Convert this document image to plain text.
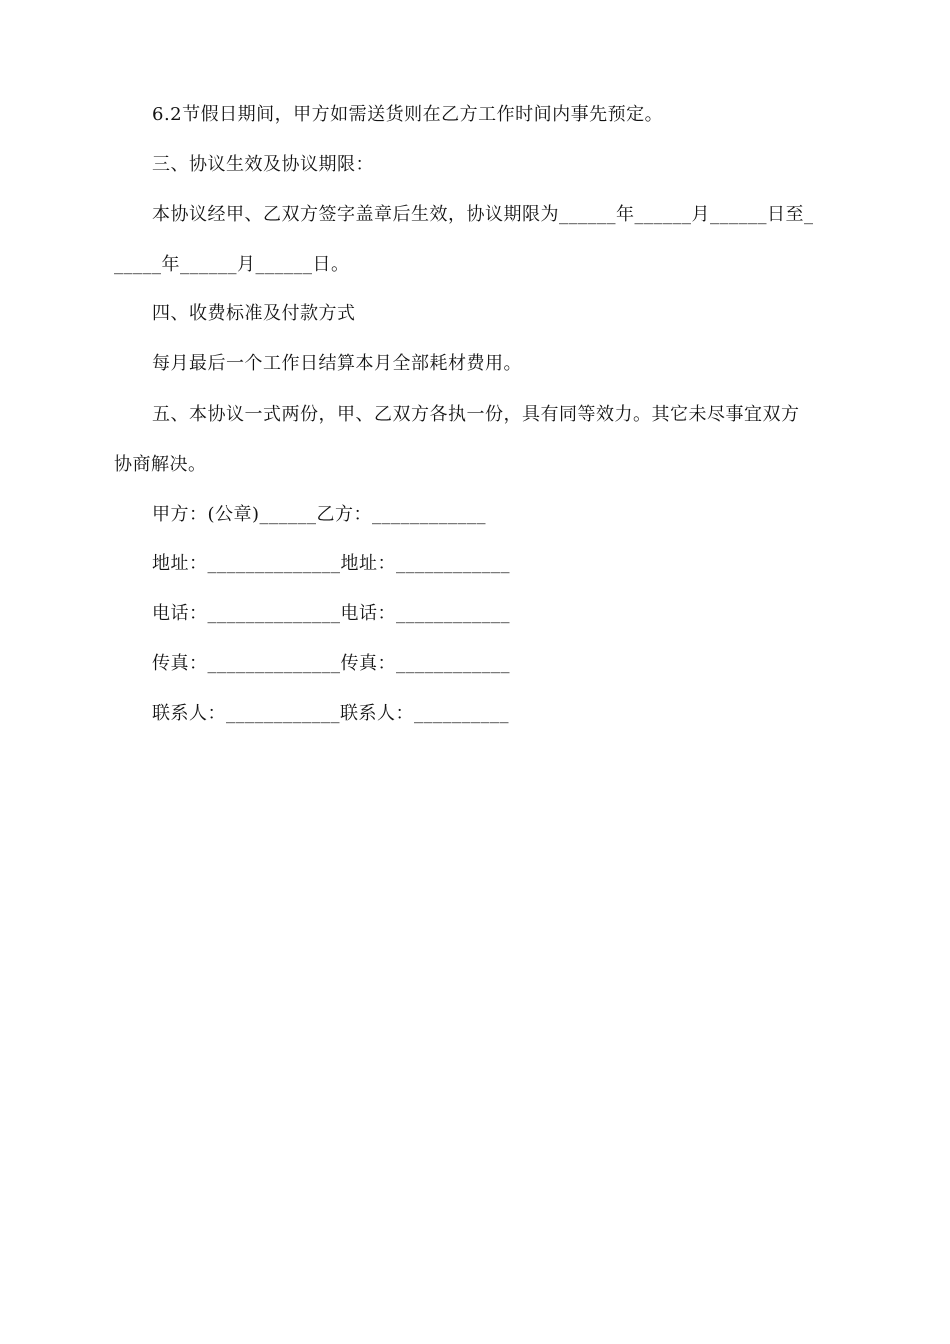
6.2节假日期间，甲方如需送货则在乙方工作时间内事先预定。
三、协议生效及协议期限：
本协议经甲、乙双方签字盖章后生效，协议期限为______年______月______日至_
_____年______月______日。
四、收费标准及付款方式
每月最后一个工作日结算本月全部耗材费用。
五、本协议一式两份，甲、乙双方各执一份，具有同等效力。其它未尽事宜双方
协商解决。
甲方：(公章)______乙方：____________
地址：______________地址：____________
电话：______________电话：____________
传真：______________传真：____________
联系人：____________联系人：__________
